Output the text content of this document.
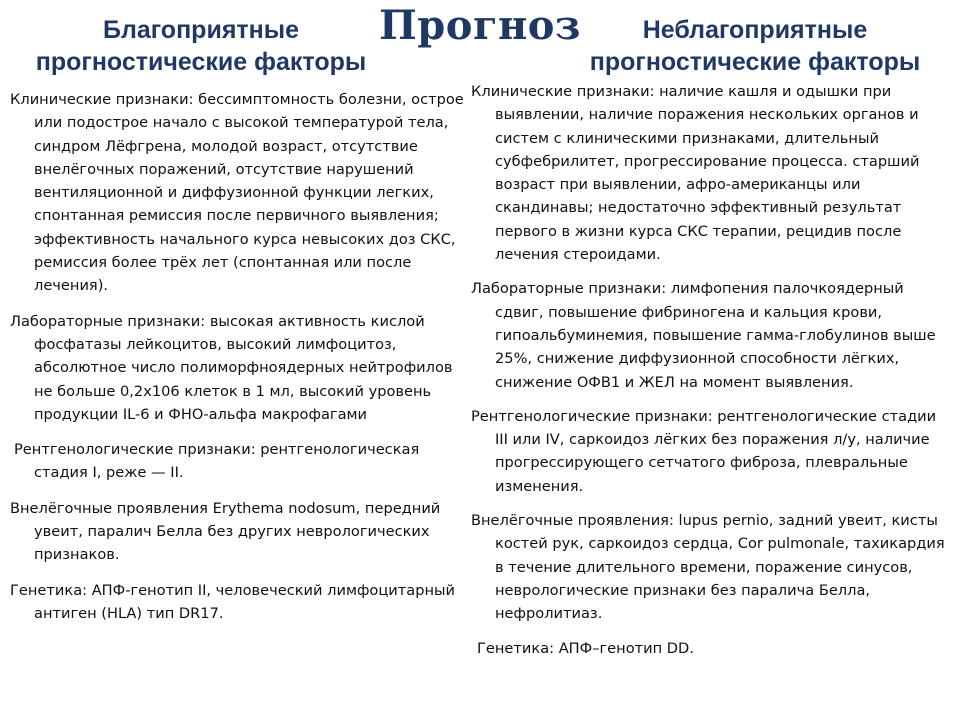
Прогноз
Благоприятные
прогностические факторы
Неблагоприятные
прогностические факторы

Клинические признаки: бессимптомность болезни, острое или подострое начало с высокой температурой тела, синдром Лёфгрена, молодой возраст, отсутствие внелёгочных поражений, отсутствие нарушений вентиляционной и диффузионной функции легких, спонтанная ремиссия после первичного выявления; эффективность начального курса невысоких доз СКС, ремиссия более трёх лет (спонтанная или после лечения).

Лабораторные признаки: высокая активность кислой фосфатазы лейкоцитов, высокий лимфоцитоз, абсолютное число полиморфноядерных нейтрофилов не больше 0,2x106 клеток в 1 мл, высокий уровень продукции IL-6 и ФНО-альфа макрофагами

Рентгенологические признаки: рентгенологическая стадия I, реже — II.

Внелёгочные проявления Erythema nodosum, передний увеит, паралич Белла без других неврологических признаков.

Генетика: АПФ-генотип II, человеческий лимфоцитарный антиген (HLA) тип DR17.

Клинические признаки: наличие кашля и одышки при выявлении, наличие поражения нескольких органов и систем с клиническими признаками, длительный субфебрилитет, прогрессирование процесса. старший возраст при выявлении, афро-американцы или скандинавы; недостаточно эффективный результат первого в жизни курса СКС терапии, рецидив после лечения стероидами.

Лабораторные признаки: лимфопения палочкоядерный сдвиг, повышение фибриногена и кальция крови, гипоальбуминемия, повышение гамма-глобулинов выше 25%, снижение диффузионной способности лёгких, снижение ОФВ1 и ЖЕЛ на момент выявления.

Рентгенологические признаки: рентгенологические стадии III или IV, саркоидоз лёгких без поражения л/у, наличие прогрессирующего сетчатого фиброза, плевральные изменения.

Внелёгочные проявления: lupus pernio, задний увеит, кисты костей рук, саркоидоз сердца, Cor pulmonale, тахикардия в течение длительного времени, поражение синусов, неврологические признаки без паралича Белла, нефролитиаз.

Генетика: АПФ–генотип DD.
